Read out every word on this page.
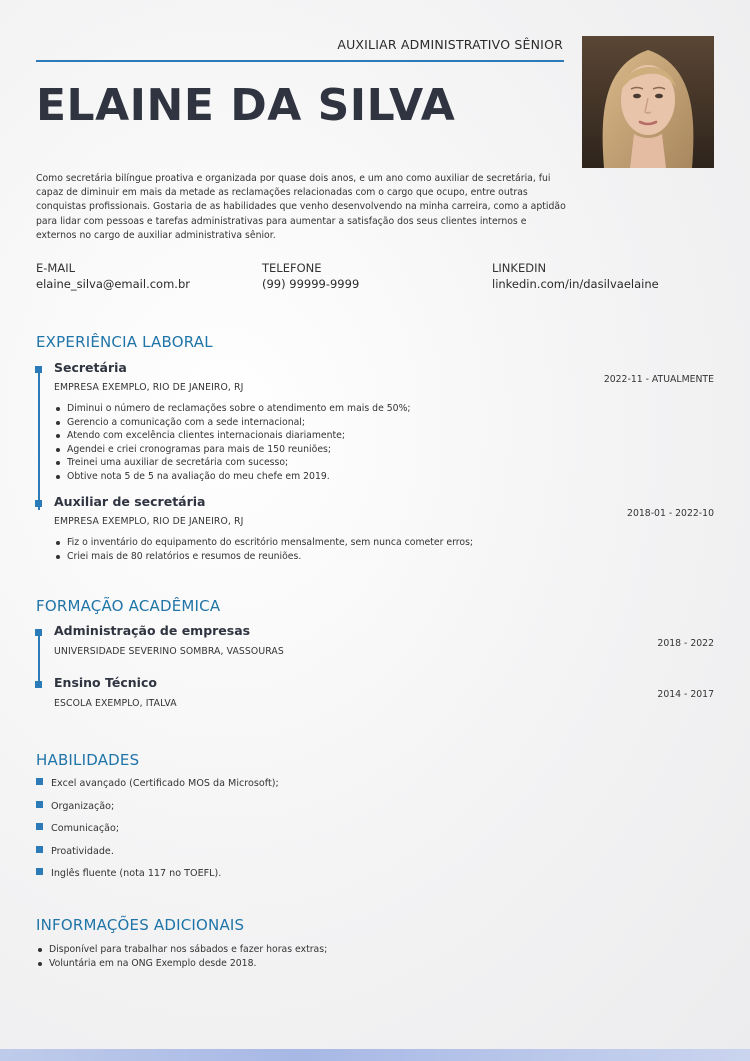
AUXILIAR ADMINISTRATIVO SÊNIOR
ELAINE DA SILVA

Como secretária bilíngue proativa e organizada por quase dois anos, e um ano como auxiliar de secretária, fui capaz de diminuir em mais da metade as reclamações relacionadas com o cargo que ocupo, entre outras conquistas profissionais. Gostaria de as habilidades que venho desenvolvendo na minha carreira, como a aptidão para lidar com pessoas e tarefas administrativas para aumentar a satisfação dos seus clientes internos e externos no cargo de auxiliar administrativa sênior.

E-MAIL
elaine_silva@email.com.br
TELEFONE
(99) 99999-9999
LINKEDIN
linkedin.com/in/dasilvaelaine
EXPERIÊNCIA LABORAL
Secretária
EMPRESA EXEMPLO, RIO DE JANEIRO, RJ
2022-11 - ATUALMENTE
Diminui o número de reclamações sobre o atendimento em mais de 50%;
Gerencio a comunicação com a sede internacional;
Atendo com excelência clientes internacionais diariamente;
Agendei e criei cronogramas para mais de 150 reuniões;
Treinei uma auxiliar de secretária com sucesso;
Obtive nota 5 de 5 na avaliação do meu chefe em 2019.
Auxiliar de secretária
EMPRESA EXEMPLO, RIO DE JANEIRO, RJ
2018-01 - 2022-10
Fiz o inventário do equipamento do escritório mensalmente, sem nunca cometer erros;
Criei mais de 80 relatórios e resumos de reuniões.
FORMAÇÃO ACADÊMICA
Administração de empresas
UNIVERSIDADE SEVERINO SOMBRA, VASSOURAS
2018 - 2022
Ensino Técnico
ESCOLA EXEMPLO, ITALVA
2014 - 2017
HABILIDADES
Excel avançado (Certificado MOS da Microsoft);
Organização;
Comunicação;
Proatividade.
Inglês fluente (nota 117 no TOEFL).
INFORMAÇÕES ADICIONAIS
Disponível para trabalhar nos sábados e fazer horas extras;
Voluntária em na ONG Exemplo desde 2018.
